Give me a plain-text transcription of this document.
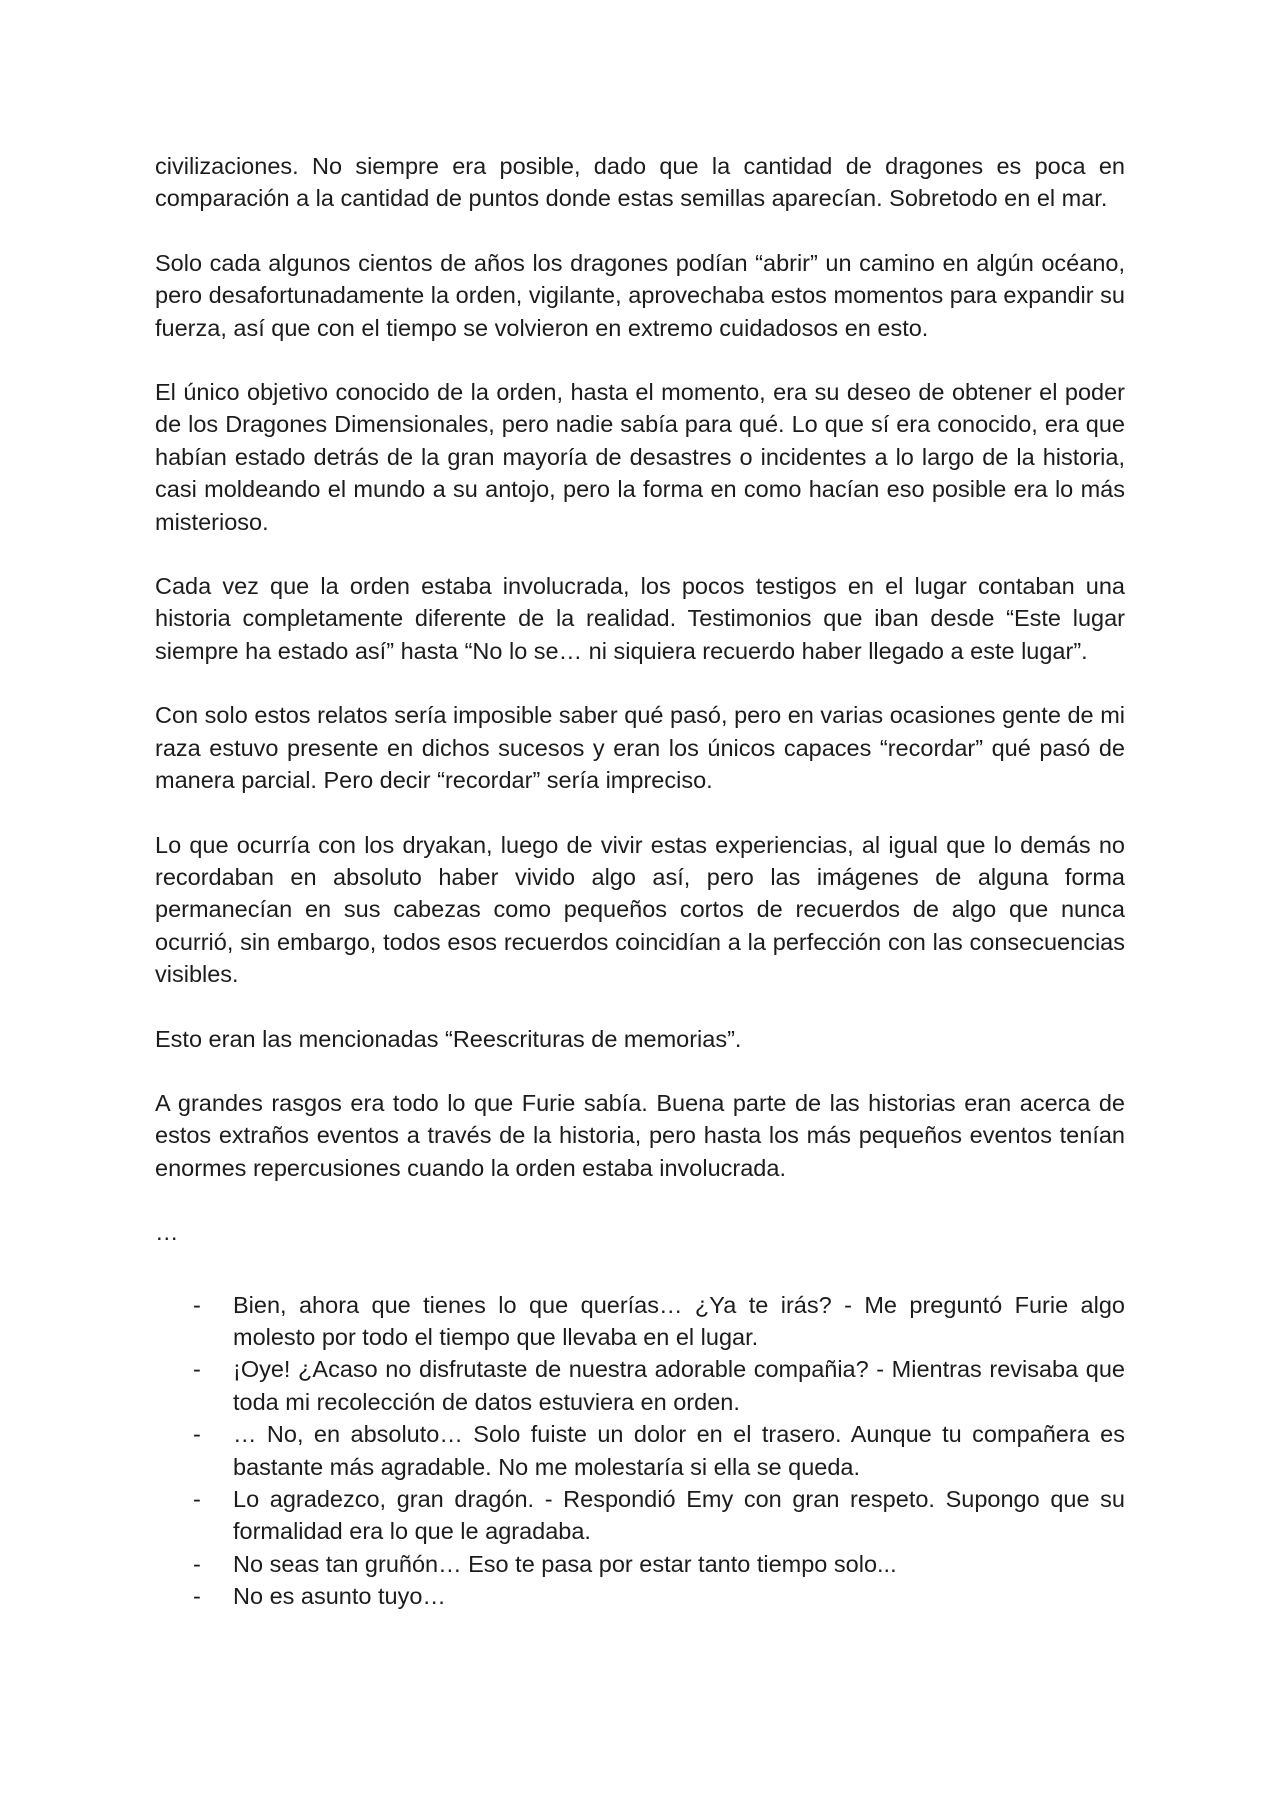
civilizaciones. No siempre era posible, dado que la cantidad de dragones es poca en comparación a la cantidad de puntos donde estas semillas aparecían. Sobretodo en el mar.

Solo cada algunos cientos de años los dragones podían “abrir” un camino en algún océano, pero desafortunadamente la orden, vigilante, aprovechaba estos momentos para expandir su fuerza, así que con el tiempo se volvieron en extremo cuidadosos en esto.

El único objetivo conocido de la orden, hasta el momento, era su deseo de obtener el poder de los Dragones Dimensionales, pero nadie sabía para qué. Lo que sí era conocido, era que habían estado detrás de la gran mayoría de desastres o incidentes a lo largo de la historia, casi moldeando el mundo a su antojo, pero la forma en como hacían eso posible era lo más misterioso.

Cada vez que la orden estaba involucrada, los pocos testigos en el lugar contaban una historia completamente diferente de la realidad. Testimonios que iban desde “Este lugar siempre ha estado así” hasta “No lo se… ni siquiera recuerdo haber llegado a este lugar”.

Con solo estos relatos sería imposible saber qué pasó, pero en varias ocasiones gente de mi raza estuvo presente en dichos sucesos y eran los únicos capaces “recordar” qué pasó de manera parcial. Pero decir “recordar” sería impreciso.

Lo que ocurría con los dryakan, luego de vivir estas experiencias, al igual que lo demás no recordaban en absoluto haber vivido algo así, pero las imágenes de alguna forma permanecían en sus cabezas como pequeños cortos de recuerdos de algo que nunca ocurrió, sin embargo, todos esos recuerdos coincidían a la perfección con las consecuencias visibles.

Esto eran las mencionadas “Reescrituras de memorias”.

A grandes rasgos era todo lo que Furie sabía. Buena parte de las historias eran acerca de estos extraños eventos a través de la historia, pero hasta los más pequeños eventos tenían enormes repercusiones cuando la orden estaba involucrada.

…
- Bien, ahora que tienes lo que querías… ¿Ya te irás? - Me preguntó Furie algo molesto por todo el tiempo que llevaba en el lugar.
- ¡Oye! ¿Acaso no disfrutaste de nuestra adorable compañia? - Mientras revisaba que toda mi recolección de datos estuviera en orden.
- … No, en absoluto… Solo fuiste un dolor en el trasero. Aunque tu compañera es bastante más agradable. No me molestaría si ella se queda.
- Lo agradezco, gran dragón. - Respondió Emy con gran respeto. Supongo que su formalidad era lo que le agradaba.
- No seas tan gruñón… Eso te pasa por estar tanto tiempo solo...
- No es asunto tuyo…
